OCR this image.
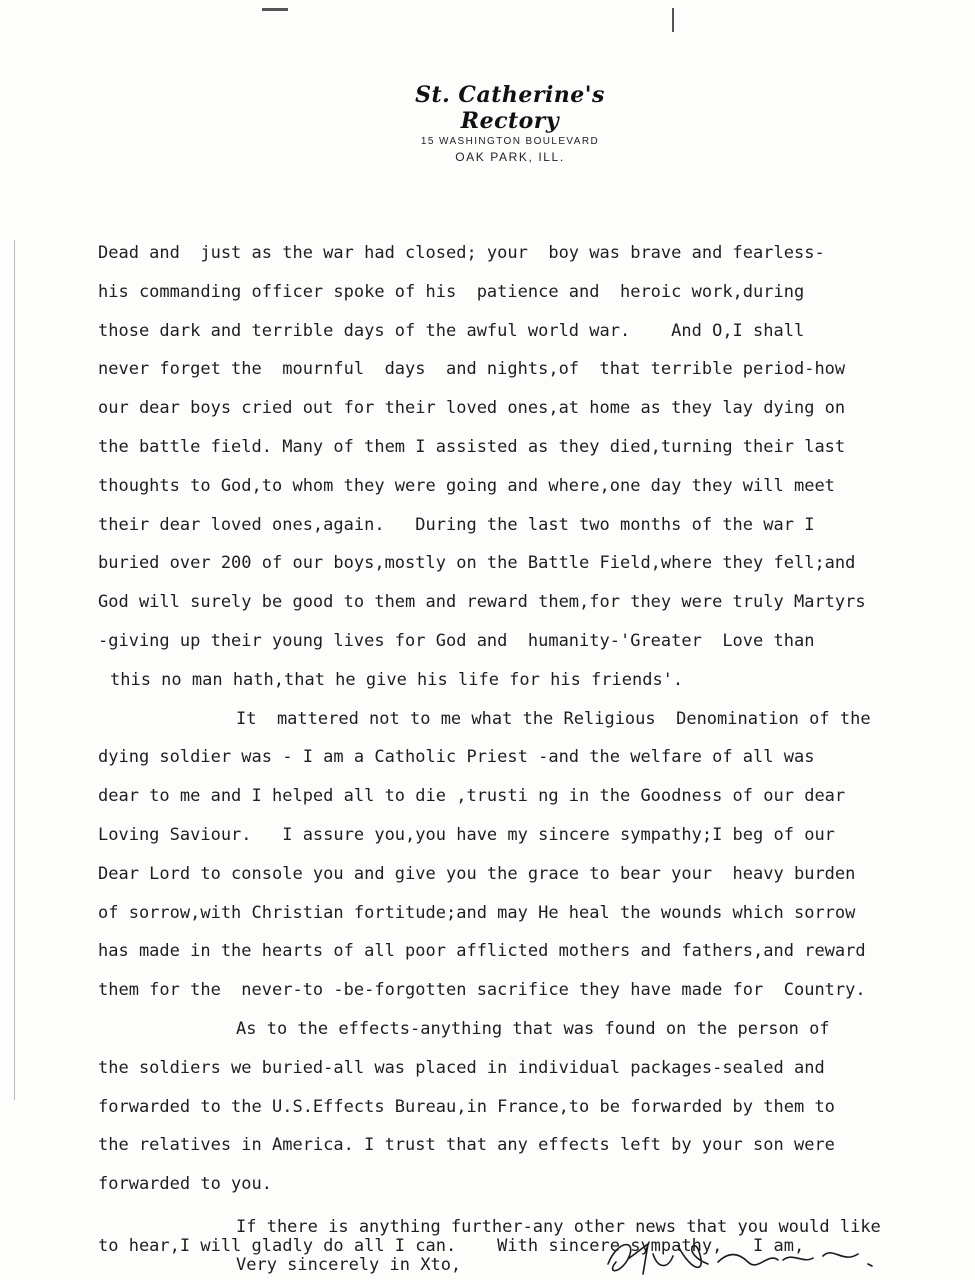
St. Catherine's Rectory
15 WASHINGTON BOULEVARD
OAK PARK, ILL.
Dead and  just as the war had closed; your  boy was brave and fearless-
his commanding officer spoke of his  patience and  heroic work,during
those dark and terrible days of the awful world war.    And O,I shall
never forget the  mournful  days  and nights,of  that terrible period-how
our dear boys cried out for their loved ones,at home as they lay dying on
the battle field. Many of them I assisted as they died,turning their last
thoughts to God,to whom they were going and where,one day they will meet
their dear loved ones,again.   During the last two months of the war I
buried over 200 of our boys,mostly on the Battle Field,where they fell;and
God will surely be good to them and reward them,for they were truly Martyrs
-giving up their young lives for God and  humanity-'Greater  Love than
this no man hath,that he give his life for his friends'.
It  mattered not to me what the Religious  Denomination of the
dying soldier was - I am a Catholic Priest -and the welfare of all was
dear to me and I helped all to die ,trusti ng in the Goodness of our dear
Loving Saviour.   I assure you,you have my sincere sympathy;I beg of our
Dear Lord to console you and give you the grace to bear your  heavy burden
of sorrow,with Christian fortitude;and may He heal the wounds which sorrow
has made in the hearts of all poor afflicted mothers and fathers,and reward
them for the  never-to -be-forgotten sacrifice they have made for  Country.
As to the effects-anything that was found on the person of
the soldiers we buried-all was placed in individual packages-sealed and
forwarded to the U.S.Effects Bureau,in France,to be forwarded by them to
the relatives in America. I trust that any effects left by your son were
forwarded to you.
If there is anything further-any other news that you would like
to hear,I will gladly do all I can.    With sincere sympathy,   I am,
Very sincerely in Xto,
